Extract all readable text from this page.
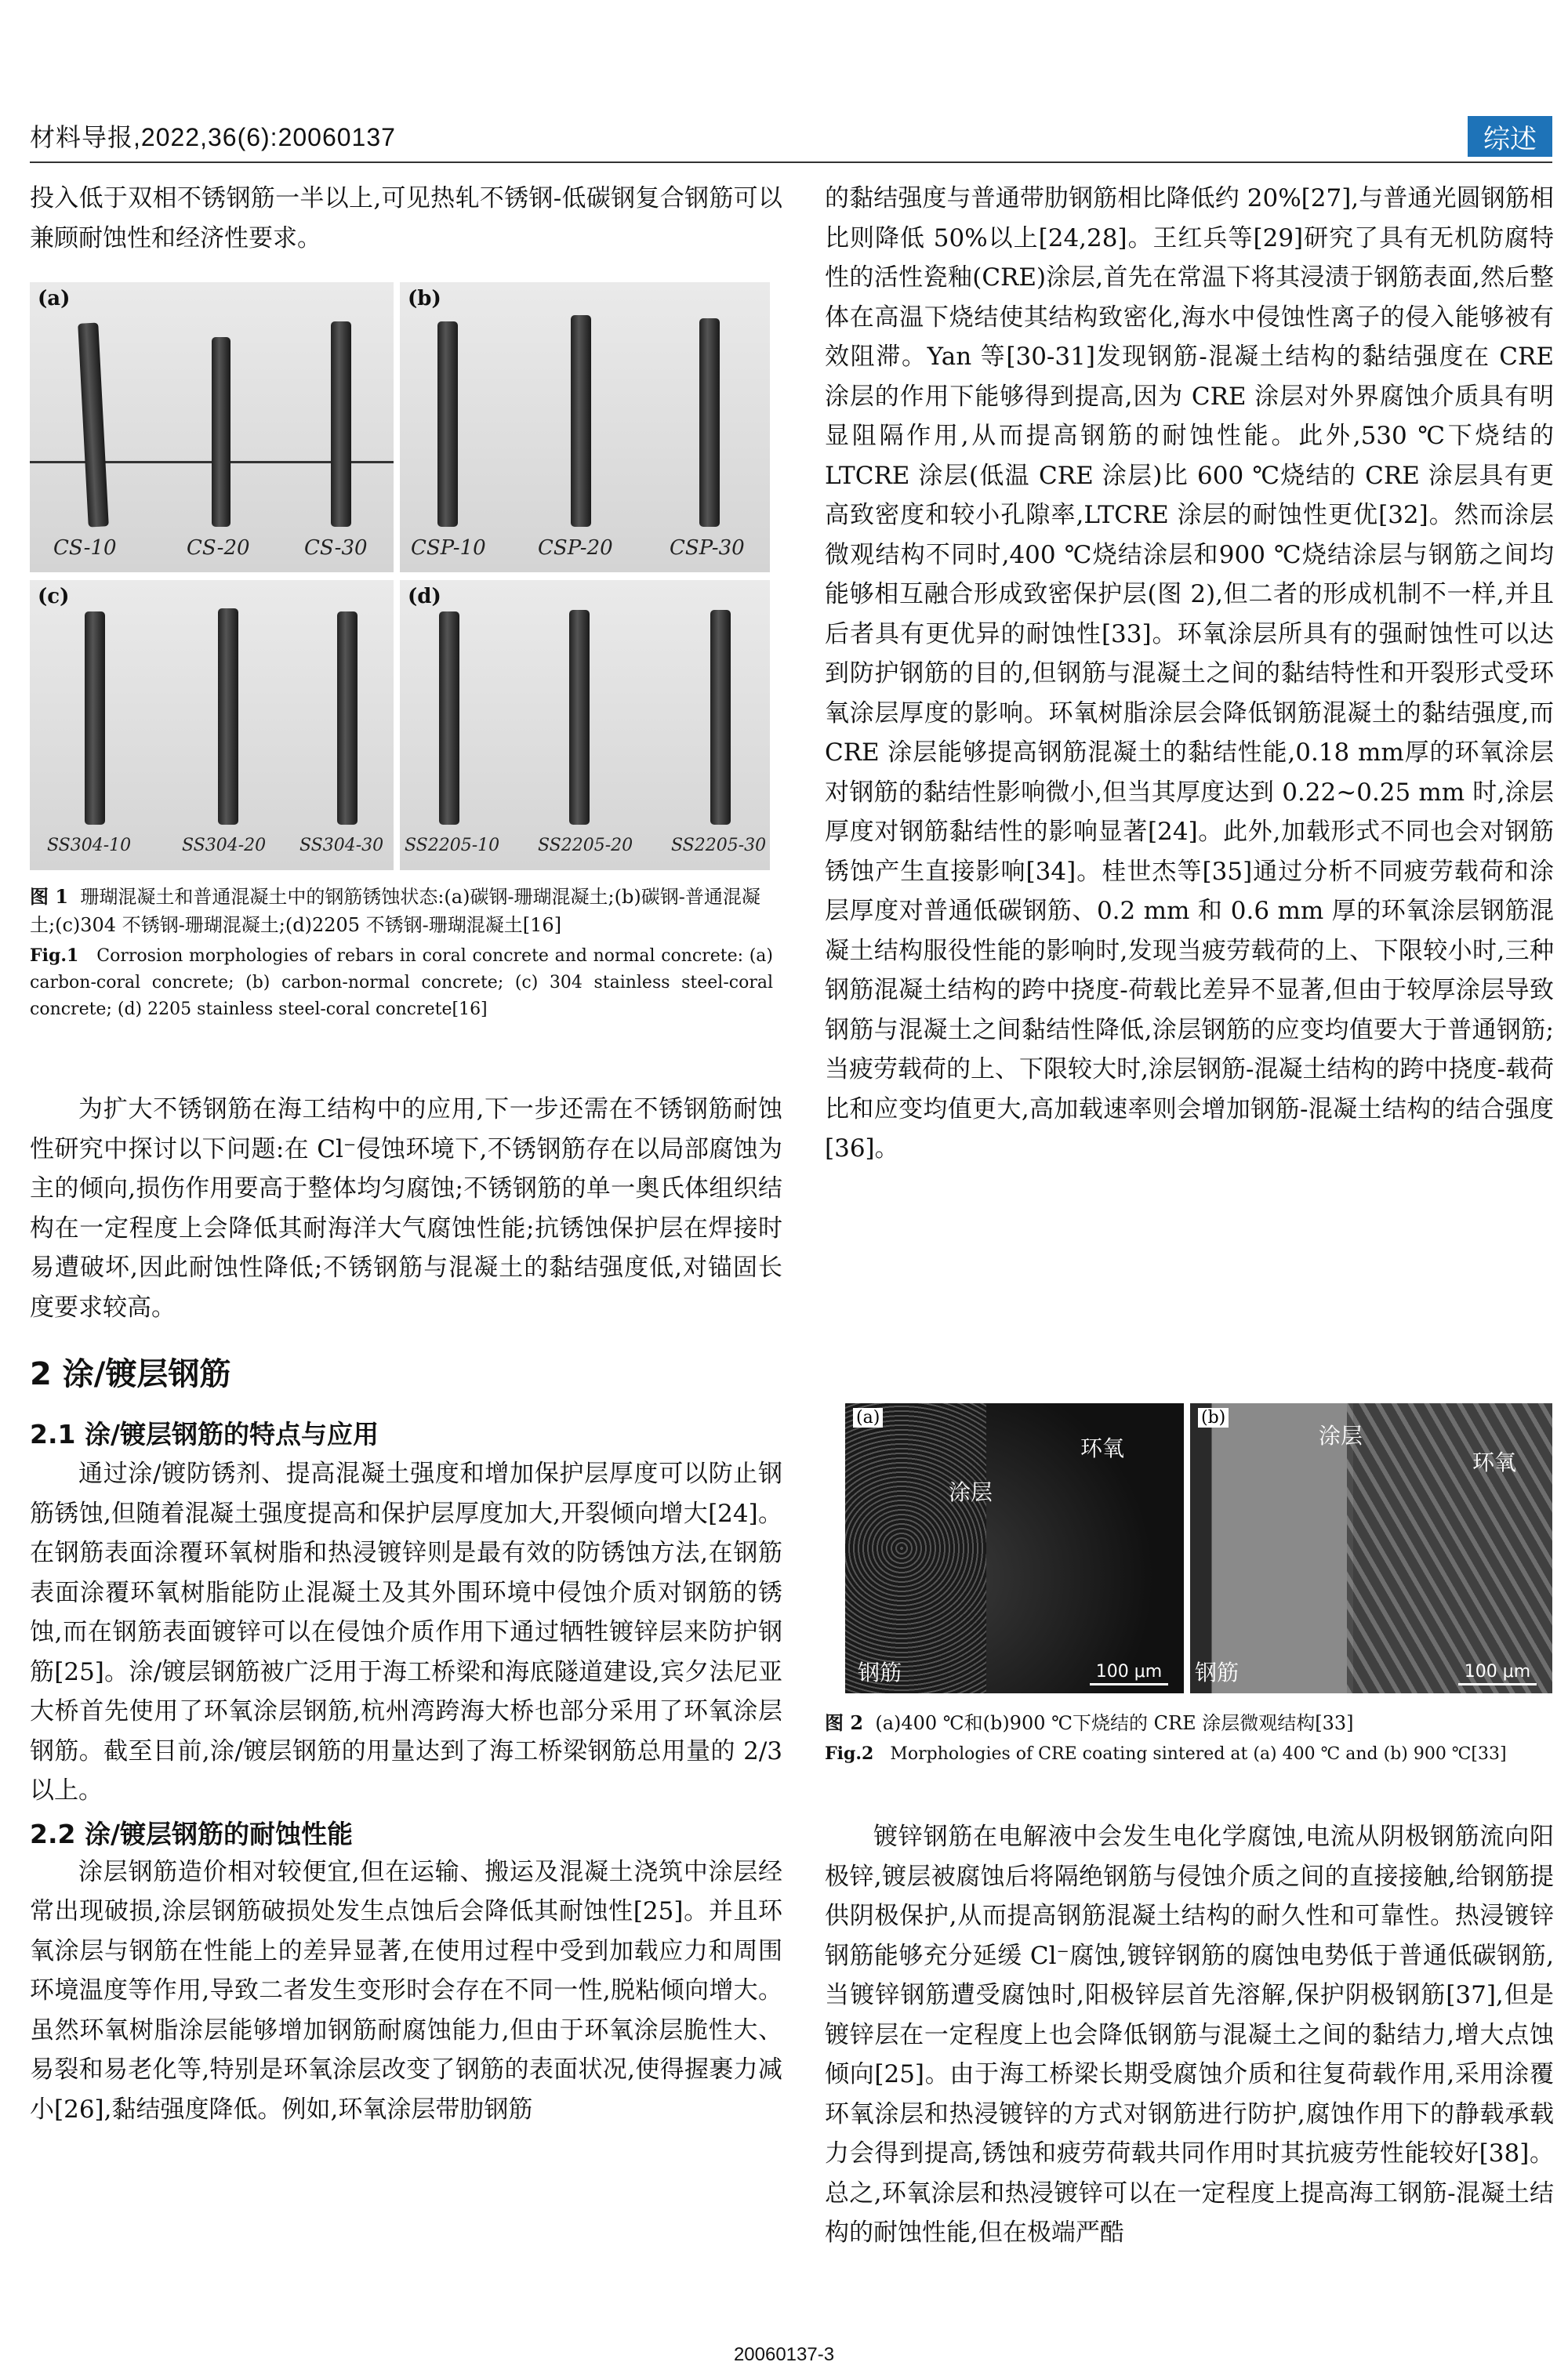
材料导报,2022,36(6):20060137	综述

投入低于双相不锈钢筋一半以上,可见热轧不锈钢-低碳钢复合钢筋可以兼顾耐蚀性和经济性要求。

(a)
CS-10	CS-20	CS-30
(b)
CSP-10	CSP-20	CSP-30
(c)
SS304-10	SS304-20 SS304-30
(d)
SS2205-10 SS2205-20 SS2205-30

图 1 珊瑚混凝土和普通混凝土中的钢筋锈蚀状态:(a)碳钢-珊瑚混凝土;(b)碳钢-普通混凝土;(c)304 不锈钢-珊瑚混凝土;(d)2205 不锈钢-珊瑚混凝土[16]

Fig.1 Corrosion morphologies of rebars in coral concrete and normal concrete: (a) carbon-coral concrete; (b) carbon-normal concrete; (c) 304 stainless steel-coral concrete; (d) 2205 stainless steel-coral concrete[16]

为扩大不锈钢筋在海工结构中的应用,下一步还需在不锈钢筋耐蚀性研究中探讨以下问题:在 Cl⁻侵蚀环境下,不锈钢筋存在以局部腐蚀为主的倾向,损伤作用要高于整体均匀腐蚀;不锈钢筋的单一奥氏体组织结构在一定程度上会降低其耐海洋大气腐蚀性能;抗锈蚀保护层在焊接时易遭破坏,因此耐蚀性降低;不锈钢筋与混凝土的黏结强度低,对锚固长度要求较高。

2 涂/镀层钢筋

2.1 涂/镀层钢筋的特点与应用

通过涂/镀防锈剂、提高混凝土强度和增加保护层厚度可以防止钢筋锈蚀,但随着混凝土强度提高和保护层厚度加大,开裂倾向增大[24]。在钢筋表面涂覆环氧树脂和热浸镀锌则是最有效的防锈蚀方法,在钢筋表面涂覆环氧树脂能防止混凝土及其外围环境中侵蚀介质对钢筋的锈蚀,而在钢筋表面镀锌可以在侵蚀介质作用下通过牺牲镀锌层来防护钢筋[25]。涂/镀层钢筋被广泛用于海工桥梁和海底隧道建设,宾夕法尼亚大桥首先使用了环氧涂层钢筋,杭州湾跨海大桥也部分采用了环氧涂层钢筋。截至目前,涂/镀层钢筋的用量达到了海工桥梁钢筋总用量的 2/3 以上。

2.2 涂/镀层钢筋的耐蚀性能

涂层钢筋造价相对较便宜,但在运输、搬运及混凝土浇筑中涂层经常出现破损,涂层钢筋破损处发生点蚀后会降低其耐蚀性[25]。并且环氧涂层与钢筋在性能上的差异显著,在使用过程中受到加载应力和周围环境温度等作用,导致二者发生变形时会存在不同一性,脱粘倾向增大。虽然环氧树脂涂层能够增加钢筋耐腐蚀能力,但由于环氧涂层脆性大、易裂和易老化等,特别是环氧涂层改变了钢筋的表面状况,使得握裹力减小[26],黏结强度降低。例如,环氧涂层带肋钢筋

的黏结强度与普通带肋钢筋相比降低约 20%[27],与普通光圆钢筋相比则降低 50%以上[24,28]。王红兵等[29]研究了具有无机防腐特性的活性瓷釉(CRE)涂层,首先在常温下将其浸渍于钢筋表面,然后整体在高温下烧结使其结构致密化,海水中侵蚀性离子的侵入能够被有效阻滞。Yan 等[30-31]发现钢筋-混凝土结构的黏结强度在 CRE 涂层的作用下能够得到提高,因为 CRE 涂层对外界腐蚀介质具有明显阻隔作用,从而提高钢筋的耐蚀性能。此外,530 ℃下烧结的 LTCRE 涂层(低温 CRE 涂层)比 600 ℃烧结的 CRE 涂层具有更高致密度和较小孔隙率,LTCRE 涂层的耐蚀性更优[32]。然而涂层微观结构不同时,400 ℃烧结涂层和900 ℃烧结涂层与钢筋之间均能够相互融合形成致密保护层(图 2),但二者的形成机制不一样,并且后者具有更优异的耐蚀性[33]。环氧涂层所具有的强耐蚀性可以达到防护钢筋的目的,但钢筋与混凝土之间的黏结特性和开裂形式受环氧涂层厚度的影响。环氧树脂涂层会降低钢筋混凝土的黏结强度,而 CRE 涂层能够提高钢筋混凝土的黏结性能,0.18 mm厚的环氧涂层对钢筋的黏结性影响微小,但当其厚度达到 0.22~0.25 mm 时,涂层厚度对钢筋黏结性的影响显著[24]。此外,加载形式不同也会对钢筋锈蚀产生直接影响[34]。桂世杰等[35]通过分析不同疲劳载荷和涂层厚度对普通低碳钢筋、0.2 mm 和 0.6 mm 厚的环氧涂层钢筋混凝土结构服役性能的影响时,发现当疲劳载荷的上、下限较小时,三种钢筋混凝土结构的跨中挠度-荷载比差异不显著,但由于较厚涂层导致钢筋与混凝土之间黏结性降低,涂层钢筋的应变均值要大于普通钢筋;当疲劳载荷的上、下限较大时,涂层钢筋-混凝土结构的跨中挠度-载荷比和应变均值更大,高加载速率则会增加钢筋-混凝土结构的结合强度[36]。

(a)
环氧
涂层
钢筋	100 μm
(b)
环氧
涂层
钢筋	100 μm

图 2 (a)400 ℃和(b)900 ℃下烧结的 CRE 涂层微观结构[33]

Fig.2 Morphologies of CRE coating sintered at (a) 400 ℃ and (b) 900 ℃[33]

镀锌钢筋在电解液中会发生电化学腐蚀,电流从阴极钢筋流向阳极锌,镀层被腐蚀后将隔绝钢筋与侵蚀介质之间的直接接触,给钢筋提供阴极保护,从而提高钢筋混凝土结构的耐久性和可靠性。热浸镀锌钢筋能够充分延缓 Cl⁻腐蚀,镀锌钢筋的腐蚀电势低于普通低碳钢筋,当镀锌钢筋遭受腐蚀时,阳极锌层首先溶解,保护阴极钢筋[37],但是镀锌层在一定程度上也会降低钢筋与混凝土之间的黏结力,增大点蚀倾向[25]。由于海工桥梁长期受腐蚀介质和往复荷载作用,采用涂覆环氧涂层和热浸镀锌的方式对钢筋进行防护,腐蚀作用下的静载承载力会得到提高,锈蚀和疲劳荷载共同作用时其抗疲劳性能较好[38]。总之,环氧涂层和热浸镀锌可以在一定程度上提高海工钢筋-混凝土结构的耐蚀性能,但在极端严酷

20060137-3
